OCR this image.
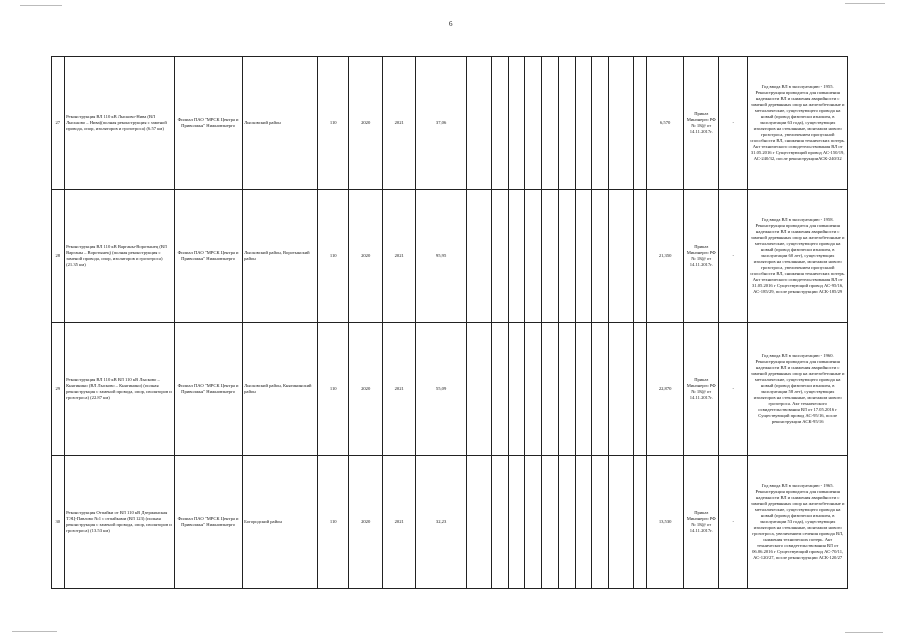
6
27	Реконструкция ВЛ 110 кВ Лысково-Нива (ВЛ Лыськово – Нива)(полная реконструкция с заменой провода, опор, изоляторов и грозотроса) (6.57 км)	Филиал ПАО "МРСК Центра и Приволжья" Нижновэнерго	Лысковский район	110	2020	2021	37,06											6,570	Приказ Минэнерго РФ № 18@ от 14.11.2017г.	-	Год ввода ВЛ в эксплуатацию - 1955. Реконструкция проводится для повышения надежности ВЛ и снижения аварийности с заменой деревянных опор на железобетонные и металлические, существующего провода на новый (провод физически изношен, в эксплуатации 63 года), существующих изоляторов на стеклянные, монтажом нового грозотроса, увеличением пропускной способности ВЛ, снижения технических потерь. Акт технического освидетельствования ВЛ от 31.05.2016 г Существующий провод АС-150/19, АС-240/32, после реконструкцииАСК-240/32
28	Реконструкция ВЛ 110 кВ Варганы-Воротынец (ВЛ Варганы – Воротынец) (полная реконструкция с заменой провода, опор, изоляторов и грозотроса) (21.35 км)	Филиал ПАО "МРСК Центра и Приволжья" Нижновэнерго	Лысковский район, Воротынский район	110	2020	2021	95,95											21,350	Приказ Минэнерго РФ № 18@ от 14.11.2017г.	-	Год ввода ВЛ в эксплуатацию - 1958. Реконструкция проводится для повышения надежности ВЛ и снижения аварийности с заменой деревянных опор на железобетонные и металлические, существующего провода на новый (провод физически изношен, в эксплуатации 60 лет), существующих изоляторов на стеклянные, монтажом нового грозотроса, увеличением пропускной способности ВЛ, снижения технических потерь. Акт технического освидетельствования ВЛ от 31.05.2016 г Существующий провод АС-95/16, АС-185/29, после реконструкции АСК-185/29
29	Реконструкция ВЛ 110 кВ ВЛ 110 кВ Лысково – Княгинино (ВЛ Лысково – Княгинино) (полная реконструкция с заменой провода, опор, изоляторов и грозотроса) (22.87 км)	Филиал ПАО "МРСК Центра и Приволжья" Нижновэнерго	Лысковский район, Княгининский район	110	2020	2021	55,09											22,870	Приказ Минэнерго РФ № 18@ от 14.11.2017г.	-	Год ввода ВЛ в эксплуатацию - 1960. Реконструкция проводится для повышения надежности ВЛ и снижения аварийности с заменой деревянных опор на железобетонные и металлические, существующего провода на новый (провод физически изношен, в эксплуатации 58 лет), существующих изоляторов на стеклянные, монтажом нового грозотроса. Акт технического освидетельствования ВЛ от 17.05.2016 г Существующий провод АС-95/16, после реконструкции АСК-95/16
30	Реконструкция Отпайки от ВЛ 110 кВ Дзержинская ТЭЦ-Павлово №1 с отпайками (ВЛ 123) (полная реконструкция с заменой провода, опор, изоляторов и грозотроса) (13.53 км)	Филиал ПАО "МРСК Центра и Приволжья" Нижновэнерго	Богородский район	110	2020	2021	32,23											13,530	Приказ Минэнерго РФ № 18@ от 14.11.2017г.	-	Год ввода ВЛ в эксплуатацию - 1965. Реконструкция проводится для повышения надежности ВЛ и снижения аварийности с заменой деревянных опор на железобетонные и металлические, существующего провода на новый (провод физически изношен, в эксплуатации 53 года), существующих изоляторов на стеклянные, монтажом нового грозотроса, увеличением сечения провода ВЛ, снижения технических потерь. Акт технического освидетельствования ВЛ от 06.06.2016 г Существующий провод АС-70/11, АС-120/27, после реконструкции АСК-120/27
